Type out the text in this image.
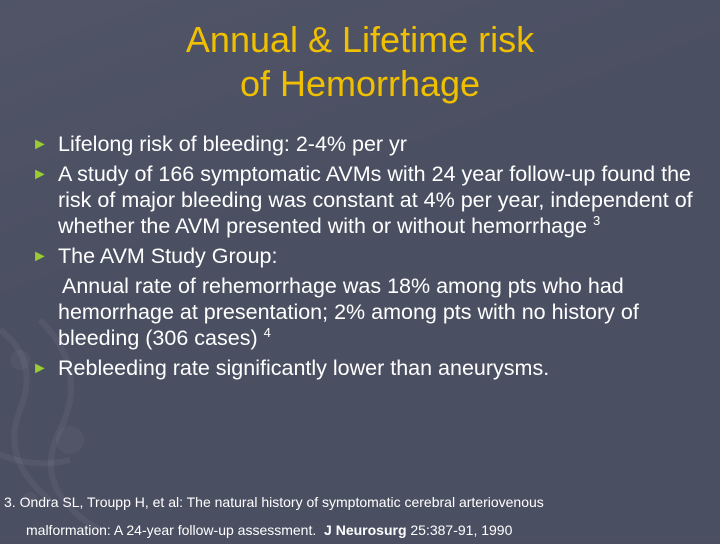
Annual & Lifetime risk
of Hemorrhage
► Lifelong risk of bleeding: 2-4% per yr
► A study of 166 symptomatic AVMs with 24 year follow-up found the risk of major bleeding was constant at 4% per year, independent of whether the AVM presented with or without hemorrhage $^3$
► The AVM Study Group:
Annual rate of rehemorrhage was 18% among pts who had hemorrhage at presentation; 2% among pts with no history of bleeding (306 cases) $^4$
► Rebleeding rate significantly lower than aneurysms.
3. Ondra SL, Troupp H, et al: The natural history of symptomatic cerebral arteriovenous
malformation: A 24-year follow-up assessment.  J Neurosurg 25:387-91, 1990
